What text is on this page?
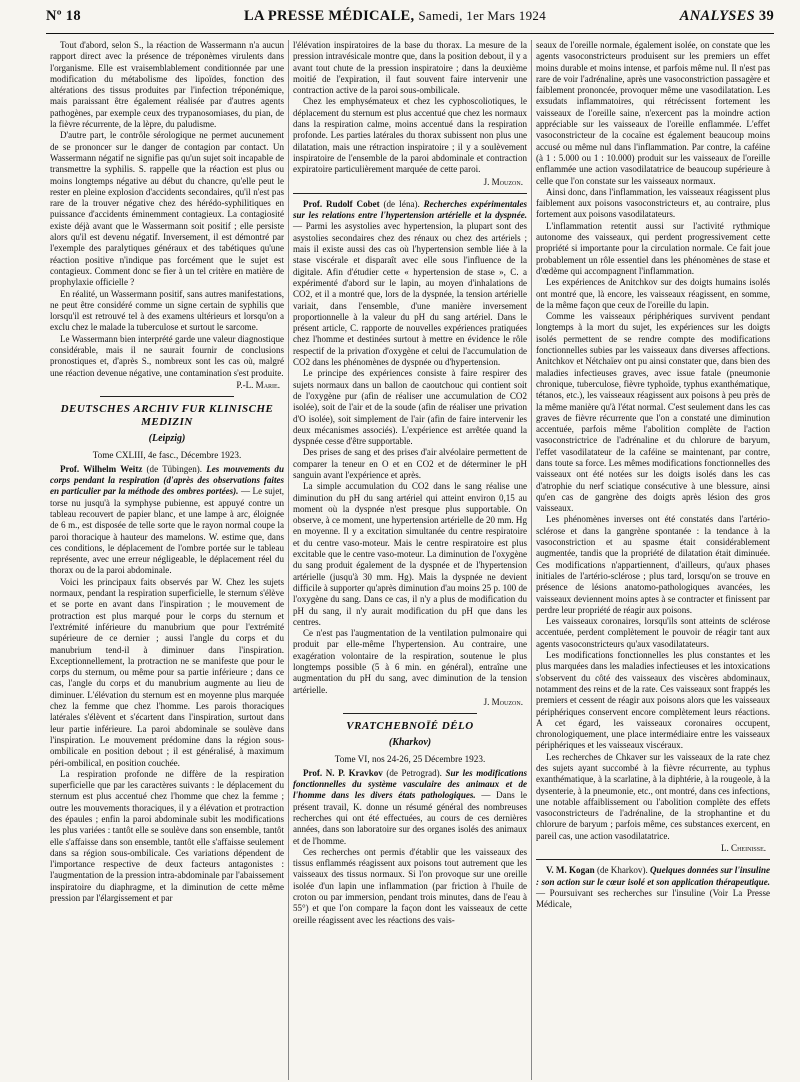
Nº 18	LA PRESSE MÉDICALE, Samedi, 1er Mars 1924	ANALYSES 39

Tout d'abord, selon S., la réaction de Wassermann n'a aucun rapport direct avec la présence de tréponèmes virulents dans l'organisme. Elle est vraisemblablement conditionnée par une modification du métabolisme des lipoïdes, fonction des altérations des tissus produites par l'infection tréponémique, mais paraissant être également réalisée par d'autres agents pathogènes, par exemple ceux des trypanosomiases, du pian, de la fièvre récurrente, de la lèpre, du paludisme.

D'autre part, le contrôle sérologique ne permet aucunement de se prononcer sur le danger de contagion par contact. Un Wassermann négatif ne signifie pas qu'un sujet soit incapable de transmettre la syphilis. S. rappelle que la réaction est plus ou moins longtemps négative au début du chancre, qu'elle peut le rester en pleine explosion d'accidents secondaires, qu'il n'est pas rare de la trouver négative chez des hérédo-syphilitiques en puissance d'accidents éminemment contagieux. La contagiosité existe déjà avant que le Wassermann soit positif ; elle persiste alors qu'il est devenu négatif. Inversement, il est démontré par l'exemple des paralytiques généraux et des tabétiques qu'une réaction positive n'indique pas forcément que le sujet est contagieux. Comment donc se fier à un tel critère en matière de prophylaxie officielle ?

En réalité, un Wassermann positif, sans autres manifestations, ne peut être considéré comme un signe certain de syphilis que lorsqu'il est retrouvé tel à des examens ultérieurs et lorsqu'on a exclu chez le malade la tuberculose et surtout le sarcome.

Le Wassermann bien interprété garde une valeur diagnostique considérable, mais il ne saurait fournir de conclusions pronostiques et, d'après S., nombreux sont les cas où, malgré une réaction devenue négative, une contamination s'est produite.

P.-L. Marie.
DEUTSCHES ARCHIV FUR KLINISCHE MEDIZIN
(Leipzig)
Tome CXLIII, 4e fasc., Décembre 1923.

Prof. Wilhelm Weitz (de Tübingen). Les mouvements du corps pendant la respiration (d'après des observations faites en particulier par la méthode des ombres portées). — Le sujet, torse nu jusqu'à la symphyse pubienne, est appuyé contre un tableau recouvert de papier blanc, et une lampe à arc, éloignée de 6 m., est disposée de telle sorte que le rayon normal coupe la paroi thoracique à hauteur des mamelons. W. estime que, dans ces conditions, le déplacement de l'ombre portée sur le tableau représente, avec une erreur négligeable, le déplacement réel du thorax ou de la paroi abdominale.

Voici les principaux faits observés par W. Chez les sujets normaux, pendant la respiration superficielle, le sternum s'élève et se porte en avant dans l'inspiration ; le mouvement de protraction est plus marqué pour le corps du sternum et l'extrémité inférieure du manubrium que pour l'extrémité supérieure de ce dernier ; aussi l'angle du corps et du manubrium tend-il à diminuer dans l'inspiration. Exceptionnellement, la protraction ne se manifeste que pour le corps du sternum, ou même pour sa partie inférieure ; dans ce cas, l'angle du corps et du manubrium augmente au lieu de diminuer. L'élévation du sternum est en moyenne plus marquée chez la femme que chez l'homme. Les parois thoraciques latérales s'élèvent et s'écartent dans l'inspiration, surtout dans leur partie inférieure. La paroi abdominale se soulève dans l'inspiration. Le mouvement prédomine dans la région sous-ombilicale en position debout ; il est généralisé, à maximum péri-ombilical, en position couchée.

La respiration profonde ne diffère de la respiration superficielle que par les caractères suivants : le déplacement du sternum est plus accentué chez l'homme que chez la femme ; outre les mouvements thoraciques, il y a élévation et protraction des épaules ; enfin la paroi abdominale subit les modifications les plus variées : tantôt elle se soulève dans son ensemble, tantôt elle s'affaisse dans son ensemble, tantôt elle s'affaisse seulement dans sa région sous-ombilicale. Ces variations dépendent de l'importance respective de deux facteurs antagonistes : l'augmentation de la pression intra-abdominale par l'abaissement inspiratoire du diaphragme, et la diminution de cette même pression par l'élargissement et par

l'élévation inspiratoires de la base du thorax. La mesure de la pression intravésicale montre que, dans la position debout, il y a avant tout chute de la pression inspiratoire ; dans la deuxième moitié de l'expiration, il faut souvent faire intervenir une contraction active de la paroi sous-ombilicale.

Chez les emphysémateux et chez les cyphoscoliotiques, le déplacement du sternum est plus accentué que chez les normaux dans la respiration calme, moins accentué dans la respiration profonde. Les parties latérales du thorax subissent non plus une dilatation, mais une rétraction inspiratoire ; il y a soulèvement inspiratoire de l'ensemble de la paroi abdominale et contraction expiratoire particulièrement marquée de cette paroi.

J. Mouzon.

Prof. Rudolf Cobet (de Iéna). Recherches expérimentales sur les relations entre l'hypertension artérielle et la dyspnée. — Parmi les asystolies avec hypertension, la plupart sont des asystolies secondaires chez des rénaux ou chez des artériels ; mais il existe aussi des cas où l'hypertension semble liée à la stase viscérale et disparaît avec elle sous l'influence de la digitale. Afin d'étudier cette « hypertension de stase », C. a expérimenté d'abord sur le lapin, au moyen d'inhalations de CO2, et il a montré que, lors de la dyspnée, la tension artérielle variait, dans l'ensemble, d'une manière inversement proportionnelle à la valeur du pH du sang artériel. Dans le présent article, C. rapporte de nouvelles expériences pratiquées chez l'homme et destinées surtout à mettre en évidence le rôle respectif de la privation d'oxygène et celui de l'accumulation de CO2 dans les phénomènes de dyspnée ou d'hypertension.

Le principe des expériences consiste à faire respirer des sujets normaux dans un ballon de caoutchouc qui contient soit de l'oxygène pur (afin de réaliser une accumulation de CO2 isolée), soit de l'air et de la soude (afin de réaliser une privation d'O isolée), soit simplement de l'air (afin de faire intervenir les deux mécanismes associés). L'expérience est arrêtée quand la dyspnée cesse d'être supportable.

Des prises de sang et des prises d'air alvéolaire permettent de comparer la teneur en O et en CO2 et de déterminer le pH sanguin avant l'expérience et après.

La simple accumulation du CO2 dans le sang réalise une diminution du pH du sang artériel qui atteint environ 0,15 au moment où la dyspnée n'est presque plus supportable. On observe, à ce moment, une hypertension artérielle de 20 mm. Hg en moyenne. Il y a excitation simultanée du centre respiratoire et du centre vaso-moteur. Mais le centre respiratoire est plus excitable que le centre vaso-moteur. La diminution de l'oxygène du sang produit également de la dyspnée et de l'hypertension artérielle (jusqu'à 30 mm. Hg). Mais la dyspnée ne devient difficile à supporter qu'après diminution d'au moins 25 p. 100 de l'oxygène du sang. Dans ce cas, il n'y a plus de modification du pH du sang, il n'y aurait modification du pH que dans les centres.

Ce n'est pas l'augmentation de la ventilation pulmonaire qui produit par elle-même l'hypertension. Au contraire, une exagération volontaire de la respiration, soutenue le plus longtemps possible (5 à 6 min. en général), entraîne une augmentation du pH du sang, avec diminution de la tension artérielle.

J. Mouzon.
VRATCHEBNOÏÉ DÉLO
(Kharkov)
Tome VI, nos 24-26, 25 Décembre 1923.

Prof. N. P. Kravkov (de Petrograd). Sur les modifications fonctionnelles du système vasculaire des animaux et de l'homme dans les divers états pathologiques. — Dans le présent travail, K. donne un résumé général des nombreuses recherches qui ont été effectuées, au cours de ces dernières années, dans son laboratoire sur des organes isolés des animaux et de l'homme.

Ces recherches ont permis d'établir que les vaisseaux des tissus enflammés réagissent aux poisons tout autrement que les vaisseaux des tissus normaux. Si l'on provoque sur une oreille isolée d'un lapin une inflammation (par friction à l'huile de croton ou par immersion, pendant trois minutes, dans de l'eau à 55°) et que l'on compare la façon dont les vaisseaux de cette oreille réagissent avec les réactions des vais-

seaux de l'oreille normale, également isolée, on constate que les agents vasoconstricteurs produisent sur les premiers un effet moins durable et moins intense, et parfois même nul. Il n'est pas rare de voir l'adrénaline, après une vasoconstriction passagère et faiblement prononcée, provoquer même une vasodilatation. Les exsudats inflammatoires, qui rétrécissent fortement les vaisseaux de l'oreille saine, n'exercent pas la moindre action appréciable sur les vaisseaux de l'oreille enflammée. L'effet vasoconstricteur de la cocaïne est également beaucoup moins accusé ou même nul dans l'inflammation. Par contre, la caféine (à 1 : 5.000 ou 1 : 10.000) produit sur les vaisseaux de l'oreille enflammée une action vasodilatatrice de beaucoup supérieure à celle que l'on constate sur les vaisseaux normaux.

Ainsi donc, dans l'inflammation, les vaisseaux réagissent plus faiblement aux poisons vasoconstricteurs et, au contraire, plus fortement aux poisons vasodilatateurs.

L'inflammation retentit aussi sur l'activité rythmique autonome des vaisseaux, qui perdent progressivement cette propriété si importante pour la circulation normale. Ce fait joue probablement un rôle essentiel dans les phénomènes de stase et d'œdème qui accompagnent l'inflammation.

Les expériences de Anitchkov sur des doigts humains isolés ont montré que, là encore, les vaisseaux réagissent, en somme, de la même façon que ceux de l'oreille du lapin.

Comme les vaisseaux périphériques survivent pendant longtemps à la mort du sujet, les expériences sur les doigts isolés permettent de se rendre compte des modifications fonctionnelles subies par les vaisseaux dans diverses affections. Anitchkov et Nétchaïev ont pu ainsi constater que, dans bien des maladies infectieuses graves, avec issue fatale (pneumonie chronique, tuberculose, fièvre typhoïde, typhus exanthématique, tétanos, etc.), les vaisseaux réagissent aux poisons à peu près de la même manière qu'à l'état normal. C'est seulement dans les cas graves de fièvre récurrente que l'on a constaté une diminution accentuée, parfois même l'abolition complète de l'action vasoconstrictrice de l'adrénaline et du chlorure de baryum, l'effet vasodilatateur de la caféine se maintenant, par contre, dans toute sa force. Les mêmes modifications fonctionnelles des vaisseaux ont été notées sur les doigts isolés dans les cas d'atrophie du nerf sciatique consécutive à une blessure, ainsi qu'en cas de gangrène des doigts après lésion des gros vaisseaux.

Les phénomènes inverses ont été constatés dans l'artério-sclérose et dans la gangrène spontanée : la tendance à la vasoconstriction et au spasme était considérablement augmentée, tandis que la propriété de dilatation était diminuée. Ces modifications n'appartiennent, d'ailleurs, qu'aux phases initiales de l'artério-sclérose ; plus tard, lorsqu'on se trouve en présence de lésions anatomo-pathologiques avancées, les vaisseaux deviennent moins aptes à se contracter et finissent par perdre leur propriété de réagir aux poisons.

Les vaisseaux coronaires, lorsqu'ils sont atteints de sclérose accentuée, perdent complètement le pouvoir de réagir tant aux agents vasoconstricteurs qu'aux vasodilatateurs.

Les modifications fonctionnelles les plus constantes et les plus marquées dans les maladies infectieuses et les intoxications s'observent du côté des vaisseaux des viscères abdominaux, notamment des reins et de la rate. Ces vaisseaux sont frappés les premiers et cessent de réagir aux poisons alors que les vaisseaux périphériques conservent encore complètement leurs réactions. A cet égard, les vaisseaux coronaires occupent, chronologiquement, une place intermédiaire entre les vaisseaux périphériques et les vaisseaux viscéraux.

Les recherches de Chkaver sur les vaisseaux de la rate chez des sujets ayant succombé à la fièvre récurrente, au typhus exanthématique, à la scarlatine, à la diphtérie, à la rougeole, à la dysenterie, à la pneumonie, etc., ont montré, dans ces infections, une notable affaiblissement ou l'abolition complète des effets vasoconstricteurs de l'adrénaline, de la strophantine et du chlorure de baryum ; parfois même, ces substances exercent, en pareil cas, une action vasodilatatrice.

L. Cheinisse.

V. M. Kogan (de Kharkov). Quelques données sur l'insuline : son action sur le cœur isolé et son application thérapeutique. — Poursuivant ses recherches sur l'insuline (Voir La Presse Médicale,
